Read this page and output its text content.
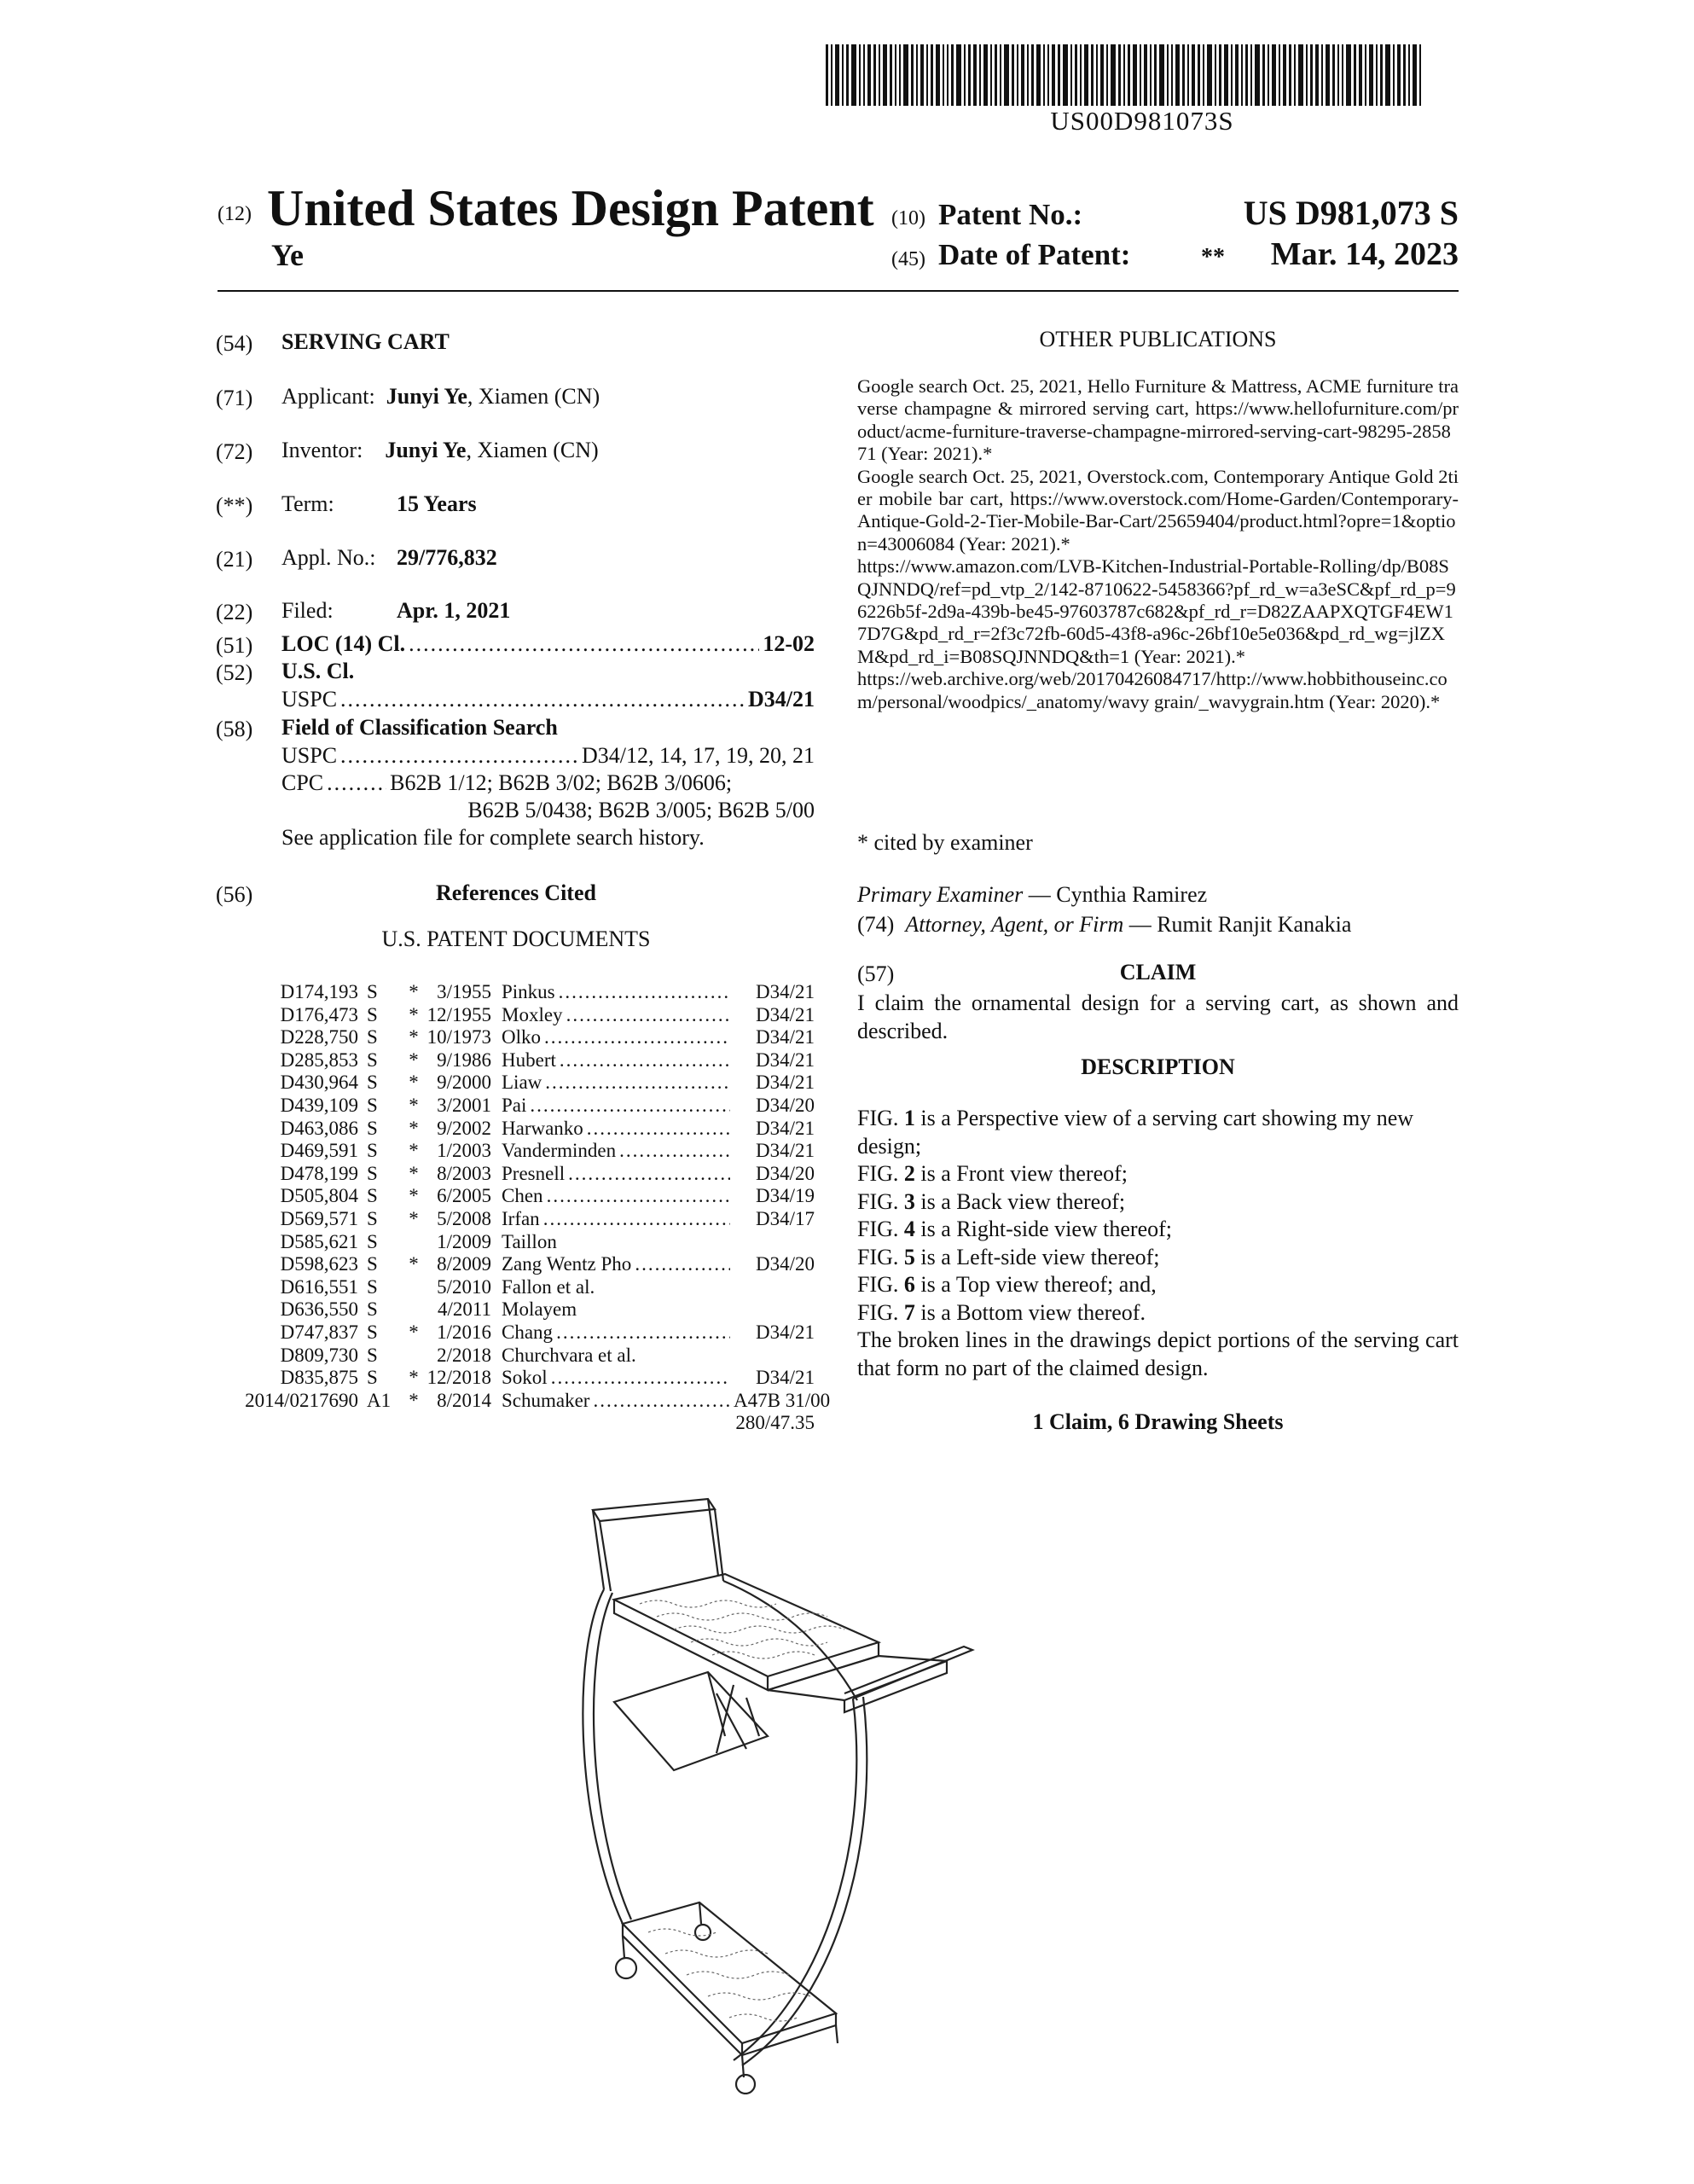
US00D981073S
(12) United States Design Patent
Ye
(10) Patent No.:	US D981,073 S
(45) Date of Patent:	** Mar. 14, 2023
(54) SERVING CART
(71) Applicant: Junyi Ye, Xiamen (CN)
(72) Inventor: Junyi Ye, Xiamen (CN)
(**) Term:	15 Years
(21) Appl. No.: 29/776,832
(22) Filed:	Apr. 1, 2021
(51) LOC (14) Cl. .....	12-02
(52) U.S. Cl.
USPC .....	D34/21
(58) Field of Classification Search
USPC .....	D34/12, 14, 17, 19, 20, 21
CPC .....	B62B 1/12; B62B 3/02; B62B 3/0606;
B62B 5/0438; B62B 3/005; B62B 5/00
See application file for complete search history.
(56)	References Cited
U.S. PATENT DOCUMENTS
D174,193 S	* 3/1955 Pinkus .....	D34/21
D176,473 S	* 12/1955 Moxley .....	D34/21
D228,750 S	* 10/1973 Olko .....	D34/21
D285,853 S	* 9/1986 Hubert .....	D34/21
D430,964 S	* 9/2000 Liaw .....	D34/21
D439,109 S	* 3/2001 Pai .....	D34/20
D463,086 S	* 9/2002 Harwanko .....	D34/21
D469,591 S	* 1/2003 Vanderminden .....	D34/21
D478,199 S	* 8/2003 Presnell .....	D34/20
D505,804 S	* 6/2005 Chen .....	D34/19
D569,571 S	* 5/2008 Irfan .....	D34/17
D585,621 S	1/2009 Taillon
D598,623 S	* 8/2009 Zang Wentz Pho .....	D34/20
D616,551 S	5/2010 Fallon et al.
D636,550 S	4/2011 Molayem
D747,837 S	* 1/2016 Chang .....	D34/21
D809,730 S	2/2018 Churchvara et al.
D835,875 S	* 12/2018 Sokol .....	D34/21
2014/0217690 A1 * 8/2014 Schumaker .....	A47B 31/00
280/47.35
OTHER PUBLICATIONS

Google search Oct. 25, 2021, Hello Furniture & Mattress, ACME furniture traverse champagne & mirrored serving cart, https://www.hellofurniture.com/product/acme-furniture-traverse-champagne-mirrored-serving-cart-98295-285871 (Year: 2021).*

Google search Oct. 25, 2021, Overstock.com, Contemporary Antique Gold 2tier mobile bar cart, https://www.overstock.com/Home-Garden/Contemporary-Antique-Gold-2-Tier-Mobile-Bar-Cart/25659404/product.html?opre=1&option=43006084 (Year: 2021).*

https://www.amazon.com/LVB-Kitchen-Industrial-Portable-Rolling/dp/B08SQJNNDQ/ref=pd_vtp_2/142-8710622-5458366?pf_rd_w=a3eSC&pf_rd_p=96226b5f-2d9a-439b-be45-97603787c682&pf_rd_r=D82ZAAPXQTGF4EW17D7G&pd_rd_r=2f3c72fb-60d5-43f8-a96c-26bf10e5e036&pd_rd_wg=jlZXM&pd_rd_i=B08SQJNNDQ&th=1 (Year: 2021).*

https://web.archive.org/web/20170426084717/http://www.hobbithouseinc.com/personal/woodpics/_anatomy/wavy grain/_wavygrain.htm (Year: 2020).*

* cited by examiner
Primary Examiner — Cynthia Ramirez
(74) Attorney, Agent, or Firm — Rumit Ranjit Kanakia
(57)	CLAIM
I claim the ornamental design for a serving cart, as shown and described.
DESCRIPTION

FIG. 1 is a Perspective view of a serving cart showing my new design;

FIG. 2 is a Front view thereof;

FIG. 3 is a Back view thereof;

FIG. 4 is a Right-side view thereof;

FIG. 5 is a Left-side view thereof;

FIG. 6 is a Top view thereof; and,

FIG. 7 is a Bottom view thereof.

The broken lines in the drawings depict portions of the serving cart that form no part of the claimed design.

1 Claim, 6 Drawing Sheets
